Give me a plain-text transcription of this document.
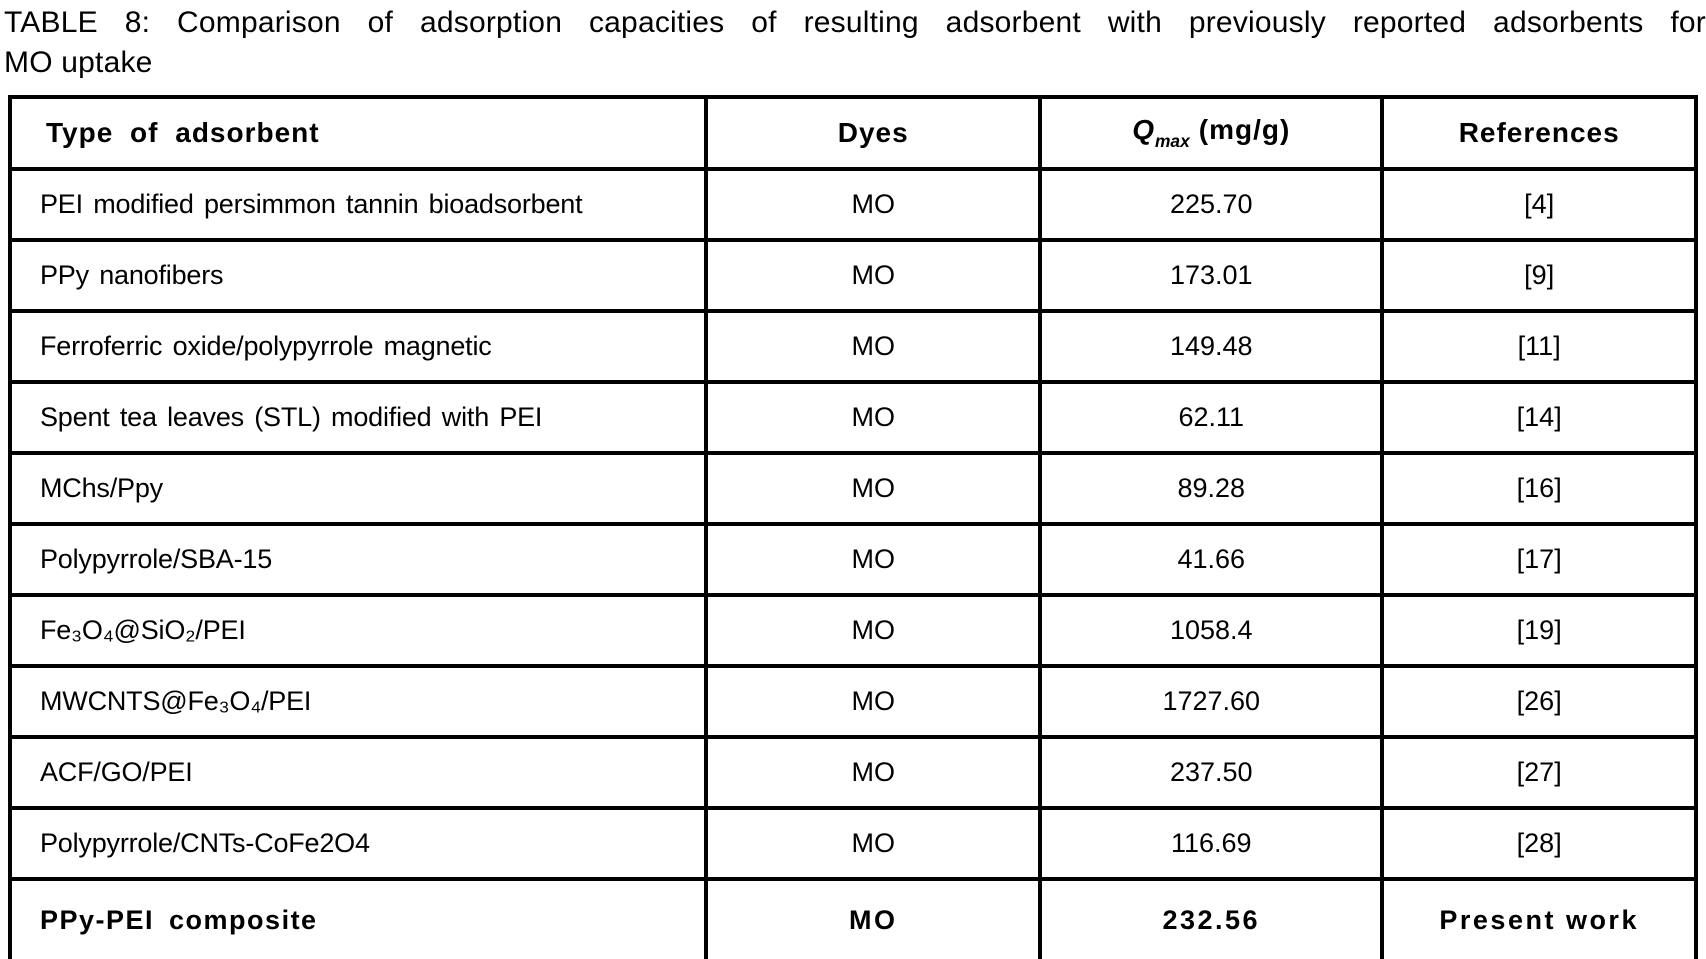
TABLE 8: Comparison of adsorption capacities of resulting adsorbent with previously reported adsorbents for
MO uptake
Type of adsorbent	Dyes	$Q_{max}$ (mg/g)	References
PEI modified persimmon tannin bioadsorbent	MO	225.70	[4]
PPy nanofibers	MO	173.01	[9]
Ferroferric oxide/polypyrrole magnetic	MO	149.48	[11]
Spent tea leaves (STL) modified with PEI	MO	62.11	[14]
MChs/Ppy	MO	89.28	[16]
Polypyrrole/SBA-15	MO	41.66	[17]
Fe₃O₄@SiO₂/PEI	MO	1058.4	[19]
MWCNTS@Fe₃O₄/PEI	MO	1727.60	[26]
ACF/GO/PEI	MO	237.50	[27]
Polypyrrole/CNTs-CoFe2O4	MO	116.69	[28]
PPy-PEI composite	MO	232.56	Present work
